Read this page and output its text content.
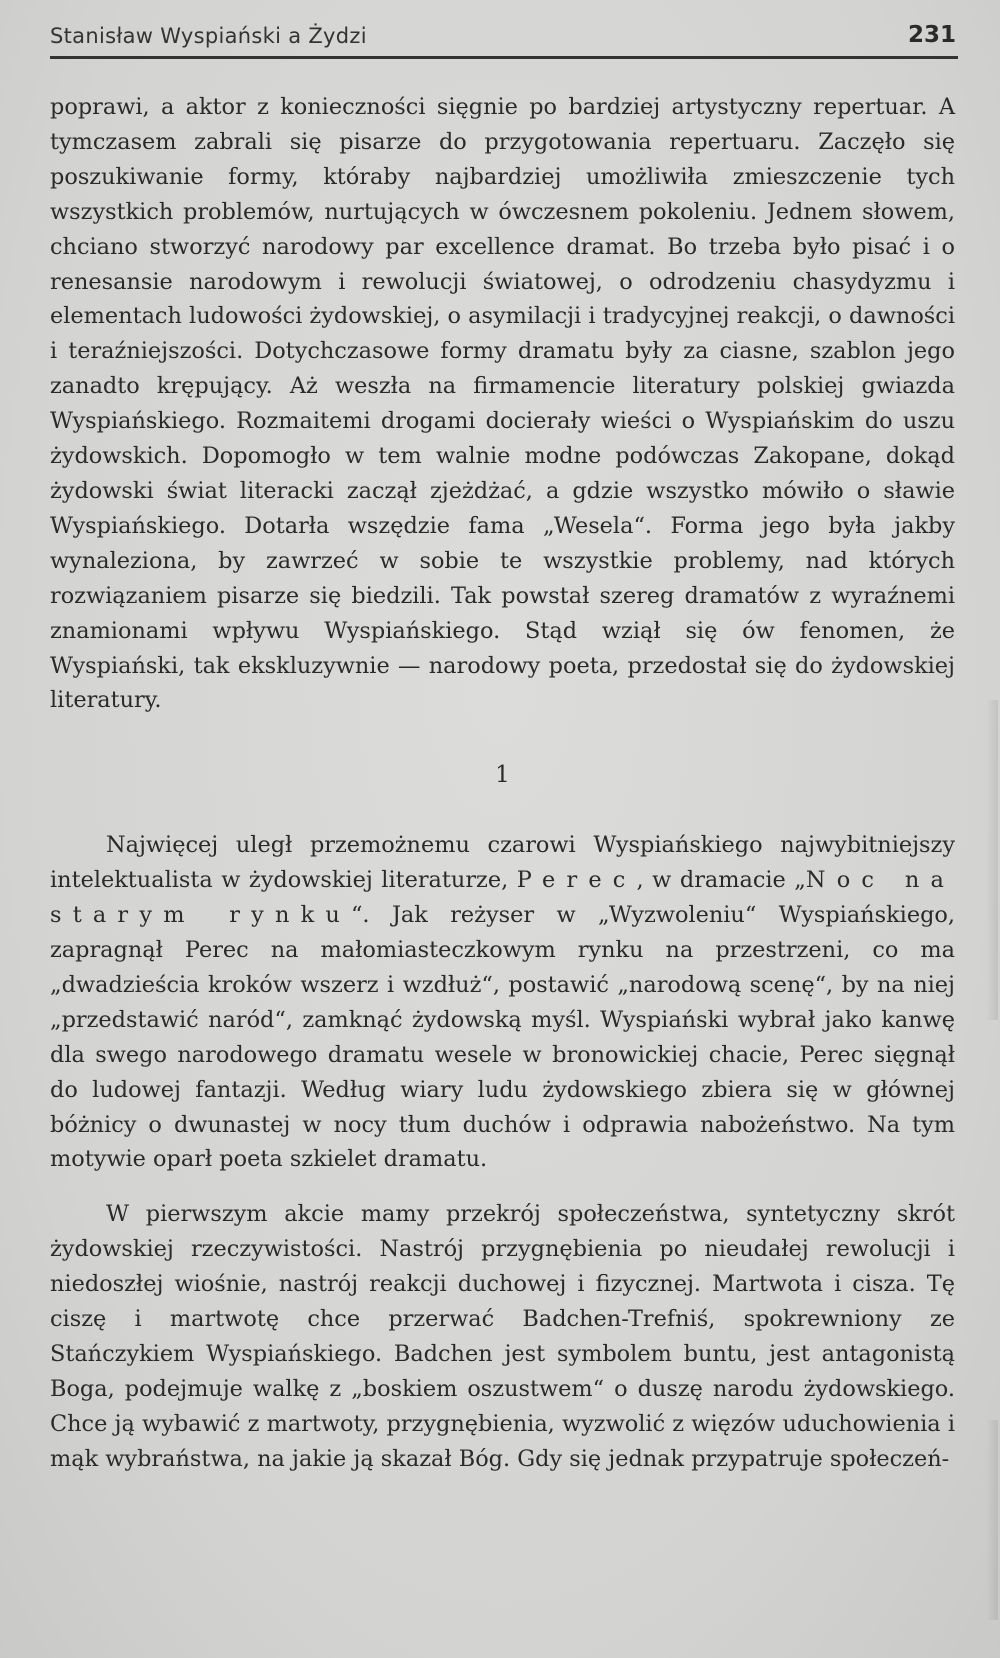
Stanisław Wyspiański a Żydzi	231

poprawi, a aktor z konieczności sięgnie po bardziej artystyczny repertuar. A tymczasem zabrali się pisarze do przygotowania repertuaru. Zaczęło się poszukiwanie formy, któraby najbardziej umożliwiła zmieszczenie tych wszystkich problemów, nurtujących w ówczesnem pokoleniu. Jednem słowem, chciano stworzyć narodowy par excellence dramat. Bo trzeba było pisać i o renesansie narodowym i rewolucji światowej, o odrodzeniu chasydyzmu i elementach ludowości żydowskiej, o asymilacji i tradycyjnej reakcji, o dawności i teraźniejszości. Dotychczasowe formy dramatu były za ciasne, szablon jego zanadto krępujący. Aż weszła na firmamencie literatury polskiej gwiazda Wyspiańskiego. Rozmaitemi drogami docierały wieści o Wyspiańskim do uszu żydowskich. Dopomogło w tem walnie modne podówczas Zakopane, dokąd żydowski świat literacki zaczął zjeżdżać, a gdzie wszystko mówiło o sławie Wyspiańskiego. Dotarła wszędzie fama „Wesela“. Forma jego była jakby wynaleziona, by zawrzeć w sobie te wszystkie problemy, nad których rozwiązaniem pisarze się biedzili. Tak powstał szereg dramatów z wyraźnemi znamionami wpływu Wyspiańskiego. Stąd wziął się ów fenomen, że Wyspiański, tak ekskluzywnie — narodowy poeta, przedostał się do żydowskiej literatury.

1

Najwięcej uległ przemożnemu czarowi Wyspiańskiego najwybitniejszy intelektualista w żydowskiej literaturze, Perec, w dramacie „Noc na starym rynku“. Jak reżyser w „Wyzwoleniu“ Wyspiańskiego, zapragnął Perec na małomiasteczkowym rynku na przestrzeni, co ma „dwadzieścia kroków wszerz i wzdłuż“, postawić „narodową scenę“, by na niej „przedstawić naród“, zamknąć żydowską myśl. Wyspiański wybrał jako kanwę dla swego narodowego dramatu wesele w bronowickiej chacie, Perec sięgnął do ludowej fantazji. Według wiary ludu żydowskiego zbiera się w głównej bóżnicy o dwunastej w nocy tłum duchów i odprawia nabożeństwo. Na tym motywie oparł poeta szkielet dramatu.

W pierwszym akcie mamy przekrój społeczeństwa, syntetyczny skrót żydowskiej rzeczywistości. Nastrój przygnębienia po nieudałej rewolucji i niedoszłej wiośnie, nastrój reakcji duchowej i fizycznej. Martwota i cisza. Tę ciszę i martwotę chce przerwać Badchen-Trefniś, spokrewniony ze Stańczykiem Wyspiańskiego. Badchen jest symbolem buntu, jest antagonistą Boga, podejmuje walkę z „boskiem oszustwem“ o duszę narodu żydowskiego. Chce ją wybawić z martwoty, przygnębienia, wyzwolić z więzów uduchowienia i mąk wybraństwa, na jakie ją skazał Bóg. Gdy się jednak przypatruje społeczeń-
